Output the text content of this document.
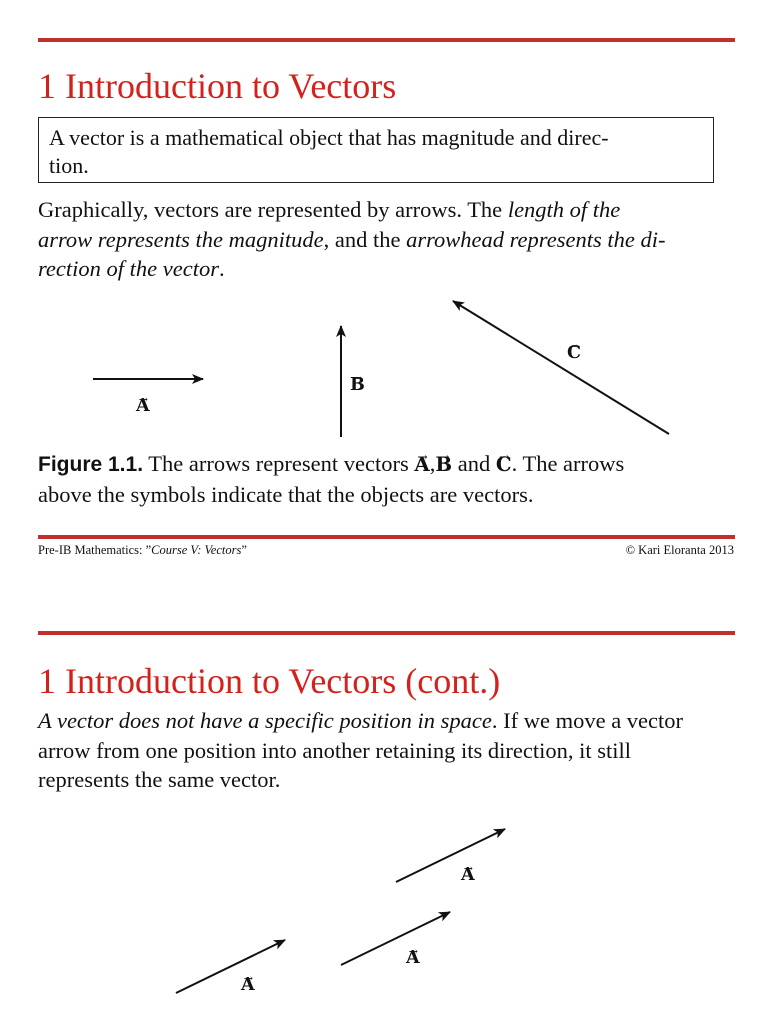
1 Introduction to Vectors
A vector is a mathematical object that has magnitude and direc-
tion.
Graphically, vectors are represented by arrows. The length of the
arrow represents the magnitude, and the arrowhead represents the di-
rection of the vector.
→ A
→ B
→ C
Figure 1.1. The arrows represent vectors → A,→ B and → C. The arrows
above the symbols indicate that the objects are vectors.
Pre-IB Mathematics: ”Course V: Vectors”	© Kari Eloranta 2013
1 Introduction to Vectors (cont.)
A vector does not have a specific position in space. If we move a vector
arrow from one position into another retaining its direction, it still
represents the same vector.
→ A
→ A
→ A
